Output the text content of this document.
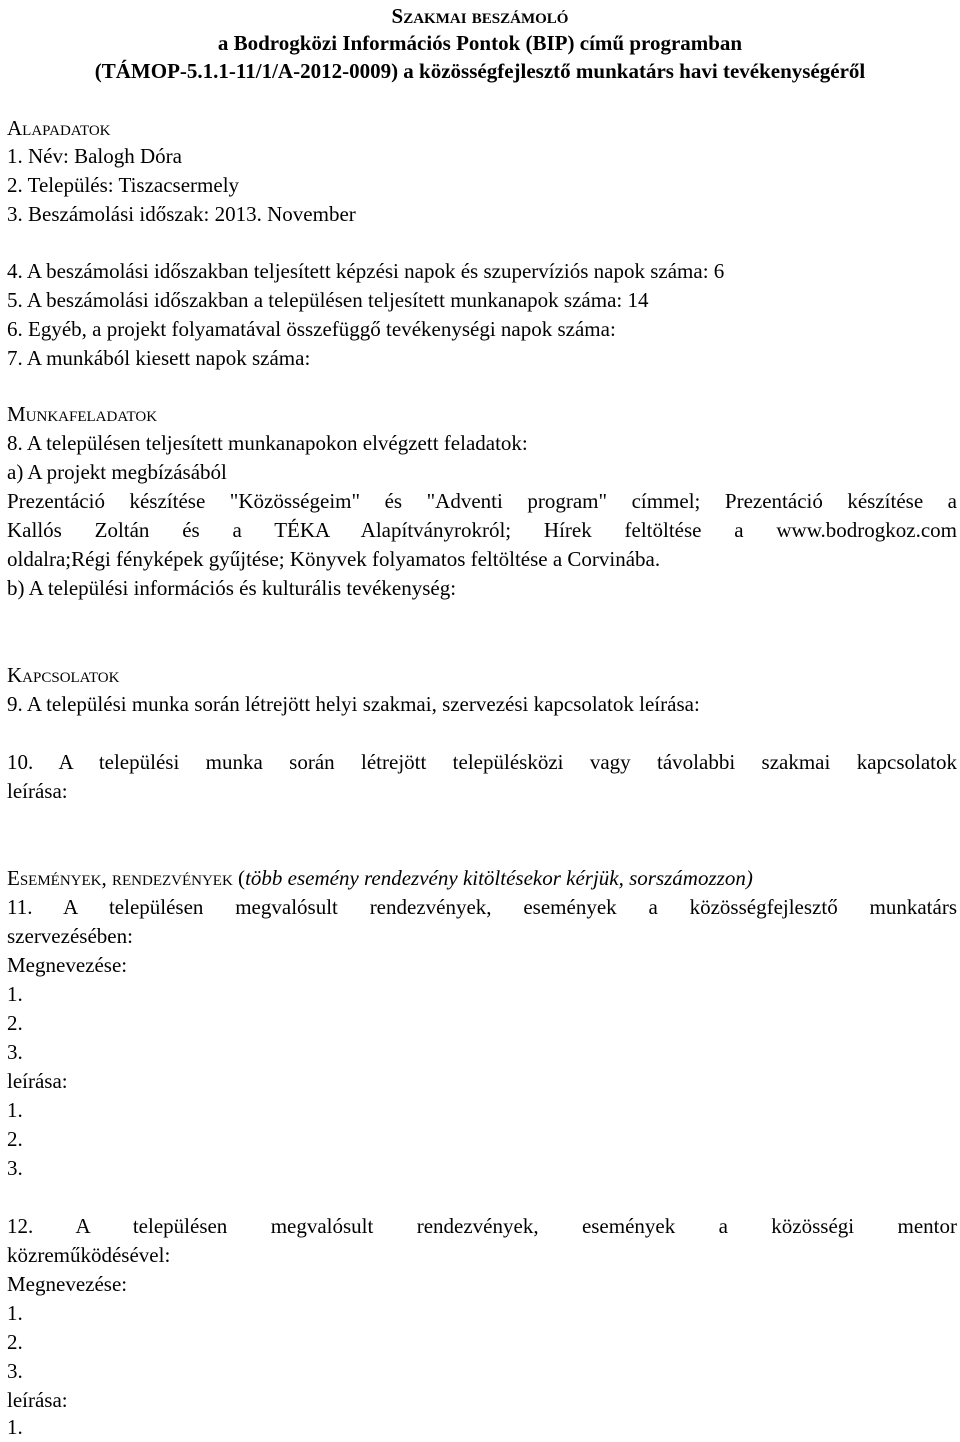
Szakmai beszámoló
a Bodrogközi Információs Pontok (BIP) című programban
(TÁMOP-5.1.1-11/1/A-2012-0009) a közösségfejlesztő munkatárs havi tevékenységéről
Alapadatok
1. Név: Balogh Dóra
2. Település: Tiszacsermely
3. Beszámolási időszak: 2013. November
4. A beszámolási időszakban teljesített képzési napok és szupervíziós napok száma: 6
5. A beszámolási időszakban a településen teljesített munkanapok száma: 14
6. Egyéb, a projekt folyamatával összefüggő tevékenységi napok száma:
7. A munkából kiesett napok száma:
Munkafeladatok
8. A településen teljesített munkanapokon elvégzett feladatok:
a) A projekt megbízásából
Prezentáció készítése "Közösségeim" és "Adventi program" címmel; Prezentáció készítése a
Kallós Zoltán és a TÉKA Alapítványrokról; Hírek feltöltése a www.bodrogkoz.com
oldalra;Régi fényképek gyűjtése; Könyvek folyamatos feltöltése a Corvinába.
b) A települési információs és kulturális tevékenység:
Kapcsolatok
9. A települési munka során létrejött helyi szakmai, szervezési kapcsolatok leírása:
10. A települési munka során létrejött településközi vagy távolabbi szakmai kapcsolatok
leírása:
Események, rendezvények (több esemény rendezvény kitöltésekor kérjük, sorszámozzon)
11. A településen megvalósult rendezvények, események a közösségfejlesztő munkatárs
szervezésében:
Megnevezése:
1.
2.
3.
leírása:
1.
2.
3.
12. A településen megvalósult rendezvények, események a közösségi mentor
közreműködésével:
Megnevezése:
1.
2.
3.
leírása:
1.
